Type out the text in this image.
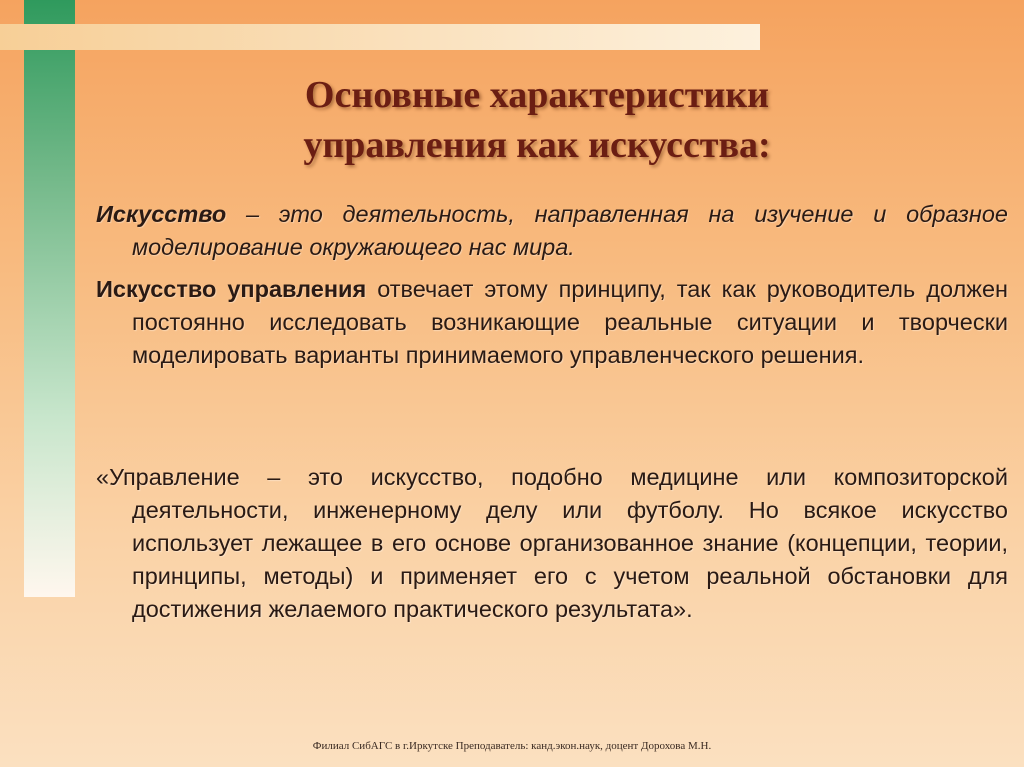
Основные характеристики
управления как искусства:
Искусство – это деятельность, направленная на изучение и образное моделирование окружающего нас мира.
Искусство управления отвечает этому принципу, так как руководитель должен постоянно исследовать возникающие реальные ситуации и творчески моделировать варианты принимаемого управленческого решения.
«Управление – это искусство, подобно медицине или композиторской деятельности, инженерному делу или футболу. Но всякое искусство использует лежащее в его основе организованное знание (концепции, теории, принципы, методы) и применяет его с учетом реальной обстановки для достижения желаемого практического результата».
Филиал СибАГС в г.Иркутске Преподаватель: канд.экон.наук, доцент Дорохова М.Н.
